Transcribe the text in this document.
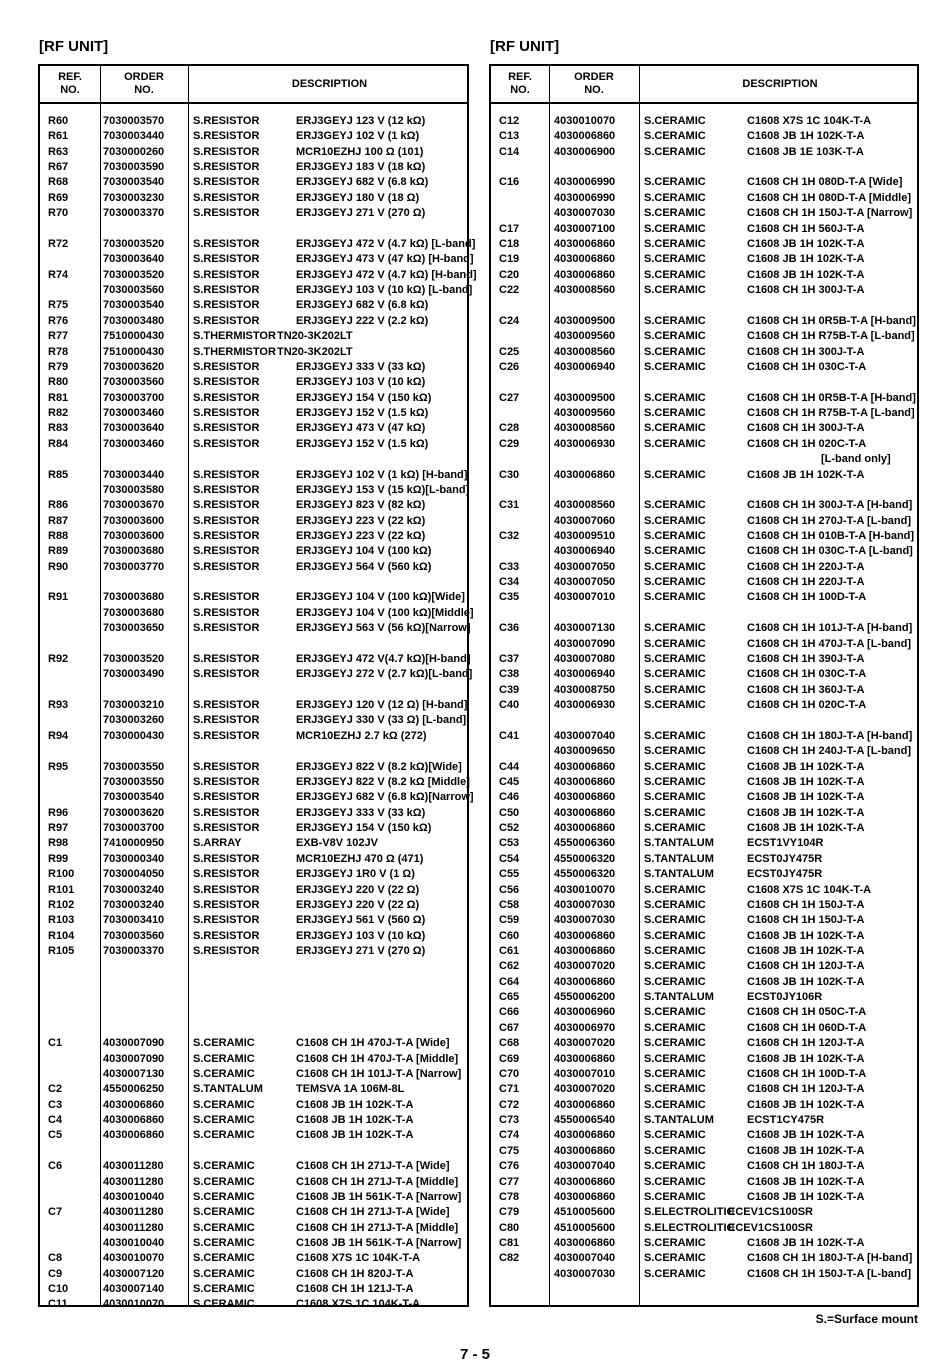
[RF UNIT]	[RF UNIT]
REF.
NO.
ORDER
NO.
DESCRIPTION
R60	7030003570	S.RESISTOR	ERJ3GEYJ 123 V (12 kΩ)
R61	7030003440	S.RESISTOR	ERJ3GEYJ 102 V (1 kΩ)
R63	7030000260	S.RESISTOR	MCR10EZHJ 100 Ω (101)
R67	7030003590	S.RESISTOR	ERJ3GEYJ 183 V (18 kΩ)
R68	7030003540	S.RESISTOR	ERJ3GEYJ 682 V (6.8 kΩ)
R69	7030003230	S.RESISTOR	ERJ3GEYJ 180 V (18 Ω)
R70	7030003370	S.RESISTOR	ERJ3GEYJ 271 V (270 Ω)
R72	7030003520	S.RESISTOR	ERJ3GEYJ 472 V (4.7 kΩ) [L-band]
7030003640	S.RESISTOR	ERJ3GEYJ 473 V (47 kΩ) [H-band]
R74	7030003520	S.RESISTOR	ERJ3GEYJ 472 V (4.7 kΩ) [H-band]
7030003560	S.RESISTOR	ERJ3GEYJ 103 V (10 kΩ) [L-band]
R75	7030003540	S.RESISTOR	ERJ3GEYJ 682 V (6.8 kΩ)
R76	7030003480	S.RESISTOR	ERJ3GEYJ 222 V (2.2 kΩ)
R77	7510000430	S.THERMISTOR TN20-3K202LT
R78	7510000430	S.THERMISTOR TN20-3K202LT
R79	7030003620	S.RESISTOR	ERJ3GEYJ 333 V (33 kΩ)
R80	7030003560	S.RESISTOR	ERJ3GEYJ 103 V (10 kΩ)
R81	7030003700	S.RESISTOR	ERJ3GEYJ 154 V (150 kΩ)
R82	7030003460	S.RESISTOR	ERJ3GEYJ 152 V (1.5 kΩ)
R83	7030003640	S.RESISTOR	ERJ3GEYJ 473 V (47 kΩ)
R84	7030003460	S.RESISTOR	ERJ3GEYJ 152 V (1.5 kΩ)
R85	7030003440	S.RESISTOR	ERJ3GEYJ 102 V (1 kΩ) [H-band]
7030003580	S.RESISTOR	ERJ3GEYJ 153 V (15 kΩ)[L-band]
R86	7030003670	S.RESISTOR	ERJ3GEYJ 823 V (82 kΩ)
R87	7030003600	S.RESISTOR	ERJ3GEYJ 223 V (22 kΩ)
R88	7030003600	S.RESISTOR	ERJ3GEYJ 223 V (22 kΩ)
R89	7030003680	S.RESISTOR	ERJ3GEYJ 104 V (100 kΩ)
R90	7030003770	S.RESISTOR	ERJ3GEYJ 564 V (560 kΩ)
R91	7030003680	S.RESISTOR	ERJ3GEYJ 104 V (100 kΩ)[Wide]
7030003680	S.RESISTOR	ERJ3GEYJ 104 V (100 kΩ)[Middle]
7030003650	S.RESISTOR	ERJ3GEYJ 563 V (56 kΩ)[Narrow]
R92	7030003520	S.RESISTOR	ERJ3GEYJ 472 V(4.7 kΩ)[H-band]
7030003490	S.RESISTOR	ERJ3GEYJ 272 V (2.7 kΩ)[L-band]
R93	7030003210	S.RESISTOR	ERJ3GEYJ 120 V (12 Ω) [H-band]
7030003260	S.RESISTOR	ERJ3GEYJ 330 V (33 Ω) [L-band]
R94	7030000430	S.RESISTOR	MCR10EZHJ 2.7 kΩ (272)
R95	7030003550	S.RESISTOR	ERJ3GEYJ 822 V (8.2 kΩ)[Wide]
7030003550	S.RESISTOR	ERJ3GEYJ 822 V (8.2 kΩ [Middle]
7030003540	S.RESISTOR	ERJ3GEYJ 682 V (6.8 kΩ)[Narrow]
R96	7030003620	S.RESISTOR	ERJ3GEYJ 333 V (33 kΩ)
R97	7030003700	S.RESISTOR	ERJ3GEYJ 154 V (150 kΩ)
R98	7410000950	S.ARRAY	EXB-V8V 102JV
R99	7030000340	S.RESISTOR	MCR10EZHJ 470 Ω (471)
R100	7030004050	S.RESISTOR	ERJ3GEYJ 1R0 V (1 Ω)
R101	7030003240	S.RESISTOR	ERJ3GEYJ 220 V (22 Ω)
R102	7030003240	S.RESISTOR	ERJ3GEYJ 220 V (22 Ω)
R103	7030003410	S.RESISTOR	ERJ3GEYJ 561 V (560 Ω)
R104	7030003560	S.RESISTOR	ERJ3GEYJ 103 V (10 kΩ)
R105	7030003370	S.RESISTOR	ERJ3GEYJ 271 V (270 Ω)
C1	4030007090	S.CERAMIC	C1608 CH 1H 470J-T-A [Wide]
4030007090	S.CERAMIC	C1608 CH 1H 470J-T-A [Middle]
4030007130	S.CERAMIC	C1608 CH 1H 101J-T-A [Narrow]
C2	4550006250	S.TANTALUM	TEMSVA 1A 106M-8L
C3	4030006860	S.CERAMIC	C1608 JB 1H 102K-T-A
C4	4030006860	S.CERAMIC	C1608 JB 1H 102K-T-A
C5	4030006860	S.CERAMIC	C1608 JB 1H 102K-T-A
C6	4030011280	S.CERAMIC	C1608 CH 1H 271J-T-A [Wide]
4030011280	S.CERAMIC	C1608 CH 1H 271J-T-A [Middle]
4030010040	S.CERAMIC	C1608 JB 1H 561K-T-A [Narrow]
C7	4030011280	S.CERAMIC	C1608 CH 1H 271J-T-A [Wide]
4030011280	S.CERAMIC	C1608 CH 1H 271J-T-A [Middle]
4030010040	S.CERAMIC	C1608 JB 1H 561K-T-A [Narrow]
C8	4030010070	S.CERAMIC	C1608 X7S 1C 104K-T-A
C9	4030007120	S.CERAMIC	C1608 CH 1H 820J-T-A
C10	4030007140	S.CERAMIC	C1608 CH 1H 121J-T-A
C11	4030010070	S.CERAMIC	C1608 X7S 1C 104K-T-A
REF.
NO.
ORDER
NO.
DESCRIPTION
C12	4030010070	S.CERAMIC	C1608 X7S 1C 104K-T-A
C13	4030006860	S.CERAMIC	C1608 JB 1H 102K-T-A
C14	4030006900	S.CERAMIC	C1608 JB 1E 103K-T-A
C16	4030006990	S.CERAMIC	C1608 CH 1H 080D-T-A [Wide]
4030006990	S.CERAMIC	C1608 CH 1H 080D-T-A [Middle]
4030007030	S.CERAMIC	C1608 CH 1H 150J-T-A [Narrow]
C17	4030007100	S.CERAMIC	C1608 CH 1H 560J-T-A
C18	4030006860	S.CERAMIC	C1608 JB 1H 102K-T-A
C19	4030006860	S.CERAMIC	C1608 JB 1H 102K-T-A
C20	4030006860	S.CERAMIC	C1608 JB 1H 102K-T-A
C22	4030008560	S.CERAMIC	C1608 CH 1H 300J-T-A
C24	4030009500	S.CERAMIC	C1608 CH 1H 0R5B-T-A [H-band]
4030009560	S.CERAMIC	C1608 CH 1H R75B-T-A [L-band]
C25	4030008560	S.CERAMIC	C1608 CH 1H 300J-T-A
C26	4030006940	S.CERAMIC	C1608 CH 1H 030C-T-A
C27	4030009500	S.CERAMIC	C1608 CH 1H 0R5B-T-A [H-band]
4030009560	S.CERAMIC	C1608 CH 1H R75B-T-A [L-band]
C28	4030008560	S.CERAMIC	C1608 CH 1H 300J-T-A
C29	4030006930	S.CERAMIC	C1608 CH 1H 020C-T-A
[L-band only]
C30	4030006860	S.CERAMIC	C1608 JB 1H 102K-T-A
C31	4030008560	S.CERAMIC	C1608 CH 1H 300J-T-A [H-band]
4030007060	S.CERAMIC	C1608 CH 1H 270J-T-A [L-band]
C32	4030009510	S.CERAMIC	C1608 CH 1H 010B-T-A [H-band]
4030006940	S.CERAMIC	C1608 CH 1H 030C-T-A [L-band]
C33	4030007050	S.CERAMIC	C1608 CH 1H 220J-T-A
C34	4030007050	S.CERAMIC	C1608 CH 1H 220J-T-A
C35	4030007010	S.CERAMIC	C1608 CH 1H 100D-T-A
C36	4030007130	S.CERAMIC	C1608 CH 1H 101J-T-A [H-band]
4030007090	S.CERAMIC	C1608 CH 1H 470J-T-A [L-band]
C37	4030007080	S.CERAMIC	C1608 CH 1H 390J-T-A
C38	4030006940	S.CERAMIC	C1608 CH 1H 030C-T-A
C39	4030008750	S.CERAMIC	C1608 CH 1H 360J-T-A
C40	4030006930	S.CERAMIC	C1608 CH 1H 020C-T-A
C41	4030007040	S.CERAMIC	C1608 CH 1H 180J-T-A [H-band]
4030009650	S.CERAMIC	C1608 CH 1H 240J-T-A [L-band]
C44	4030006860	S.CERAMIC	C1608 JB 1H 102K-T-A
C45	4030006860	S.CERAMIC	C1608 JB 1H 102K-T-A
C46	4030006860	S.CERAMIC	C1608 JB 1H 102K-T-A
C50	4030006860	S.CERAMIC	C1608 JB 1H 102K-T-A
C52	4030006860	S.CERAMIC	C1608 JB 1H 102K-T-A
C53	4550006360	S.TANTALUM	ECST1VY104R
C54	4550006320	S.TANTALUM	ECST0JY475R
C55	4550006320	S.TANTALUM	ECST0JY475R
C56	4030010070	S.CERAMIC	C1608 X7S 1C 104K-T-A
C58	4030007030	S.CERAMIC	C1608 CH 1H 150J-T-A
C59	4030007030	S.CERAMIC	C1608 CH 1H 150J-T-A
C60	4030006860	S.CERAMIC	C1608 JB 1H 102K-T-A
C61	4030006860	S.CERAMIC	C1608 JB 1H 102K-T-A
C62	4030007020	S.CERAMIC	C1608 CH 1H 120J-T-A
C64	4030006860	S.CERAMIC	C1608 JB 1H 102K-T-A
C65	4550006200	S.TANTALUM	ECST0JY106R
C66	4030006960	S.CERAMIC	C1608 CH 1H 050C-T-A
C67	4030006970	S.CERAMIC	C1608 CH 1H 060D-T-A
C68	4030007020	S.CERAMIC	C1608 CH 1H 120J-T-A
C69	4030006860	S.CERAMIC	C1608 JB 1H 102K-T-A
C70	4030007010	S.CERAMIC	C1608 CH 1H 100D-T-A
C71	4030007020	S.CERAMIC	C1608 CH 1H 120J-T-A
C72	4030006860	S.CERAMIC	C1608 JB 1H 102K-T-A
C73	4550006540	S.TANTALUM	ECST1CY475R
C74	4030006860	S.CERAMIC	C1608 JB 1H 102K-T-A
C75	4030006860	S.CERAMIC	C1608 JB 1H 102K-T-A
C76	4030007040	S.CERAMIC	C1608 CH 1H 180J-T-A
C77	4030006860	S.CERAMIC	C1608 JB 1H 102K-T-A
C78	4030006860	S.CERAMIC	C1608 JB 1H 102K-T-A
C79	4510005600	S.ELECTROLITIC
ECEV1CS100SR
C80	4510005600	S.ELECTROLITIC
ECEV1CS100SR
C81	4030006860	S.CERAMIC	C1608 JB 1H 102K-T-A
C82	4030007040	S.CERAMIC	C1608 CH 1H 180J-T-A [H-band]
4030007030	S.CERAMIC	C1608 CH 1H 150J-T-A [L-band]
S.=Surface mount
7 - 5
